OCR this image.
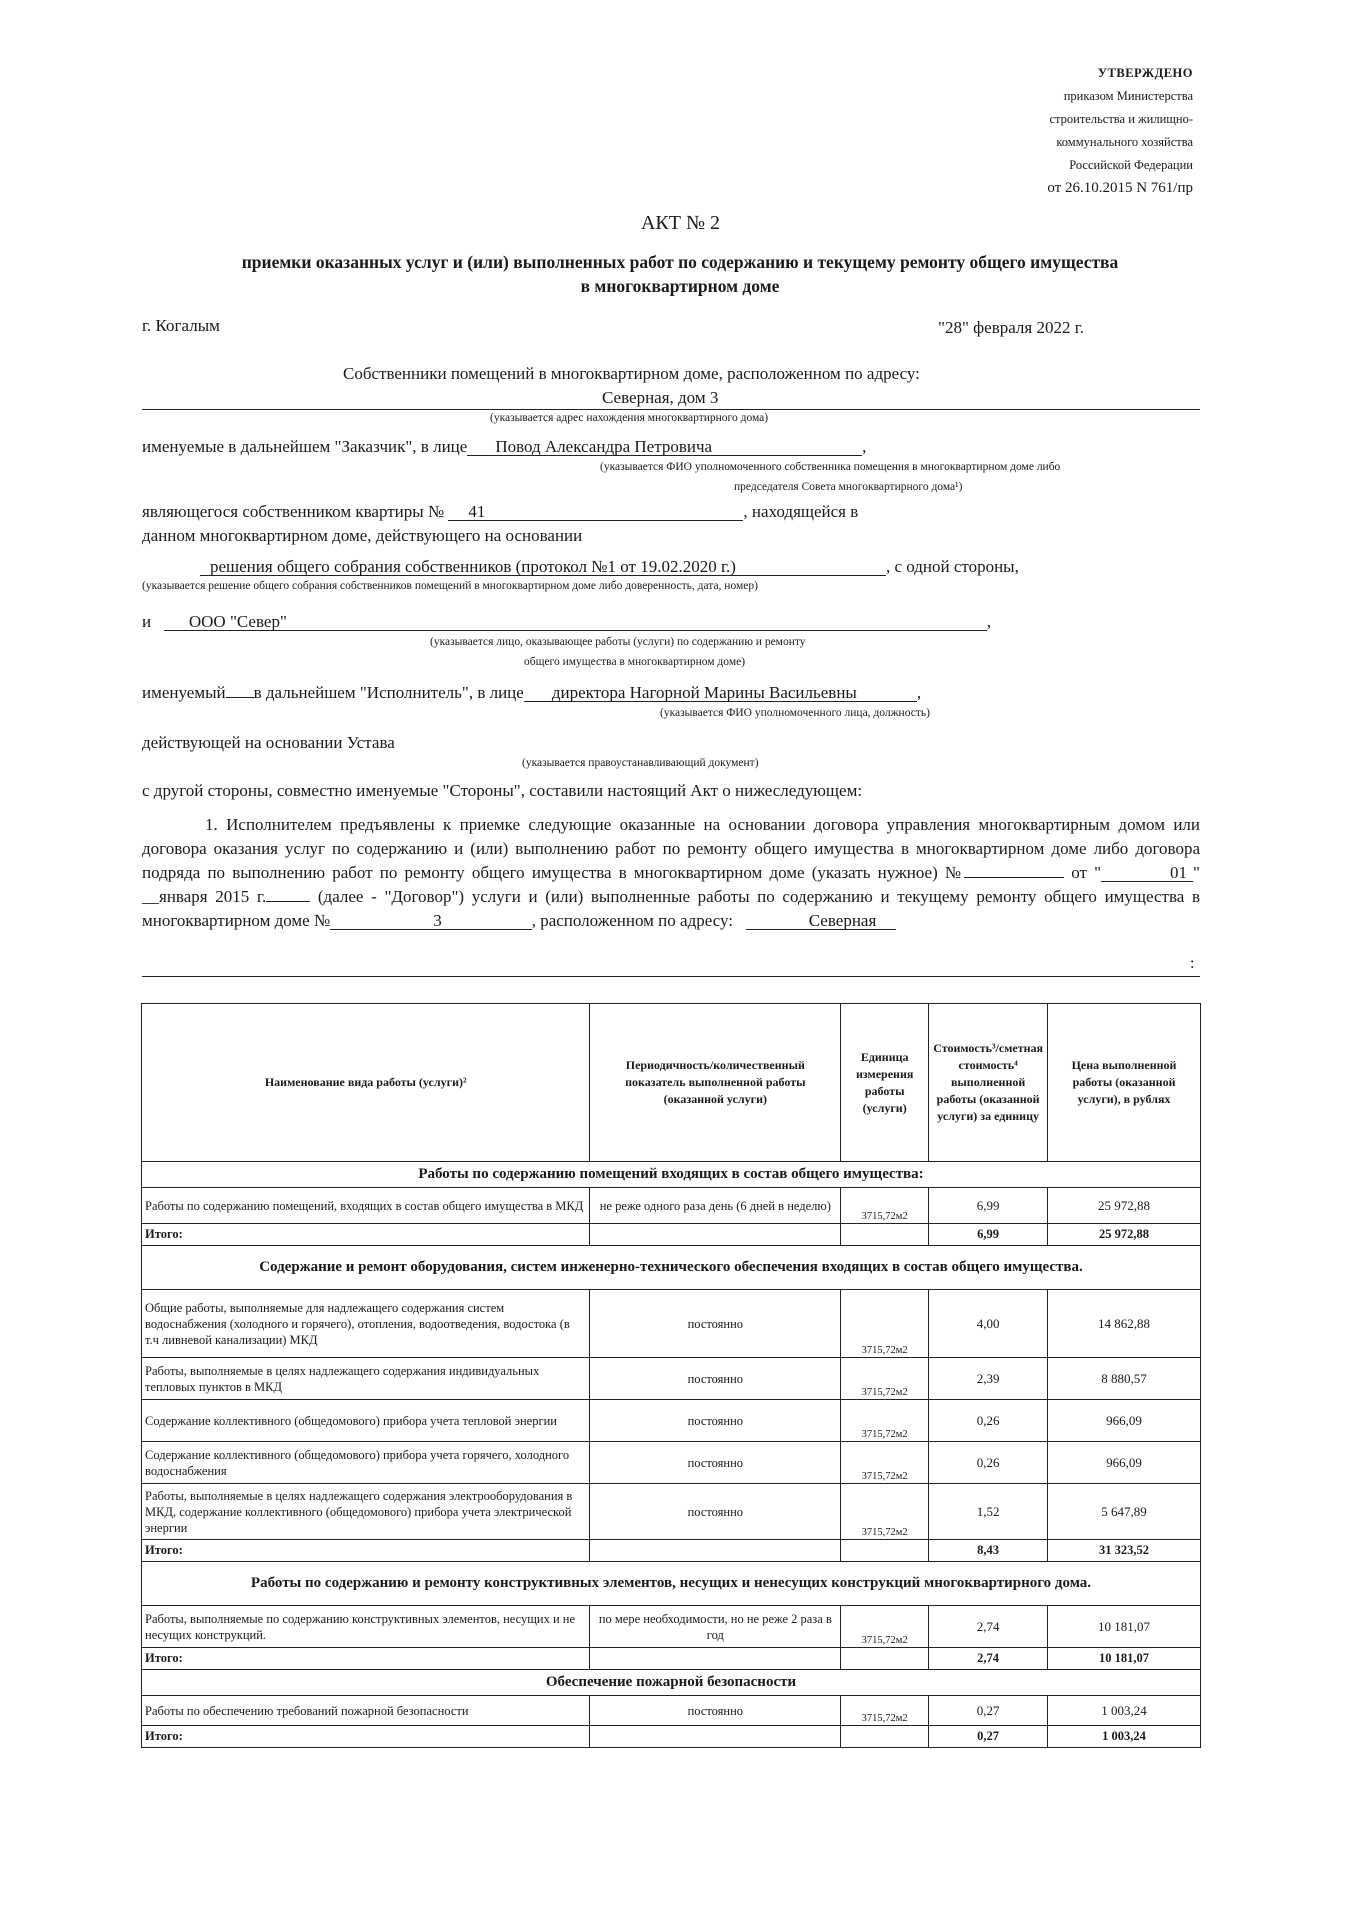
УТВЕРЖДЕНО
приказом Министерства
строительства и жилищно-
коммунального хозяйства
Российской Федерации
от 26.10.2015 N 761/пр
АКТ № 2
приемки оказанных услуг и (или) выполненных работ по содержанию и текущему ремонту общего имущества
в многоквартирном доме
г. Когалым	"28" февраля 2022 г.
Собственники помещений в многоквартирном доме, расположенном по адресу:
Северная, дом 3
(указывается адрес нахождения многоквартирного дома)
именуемые в дальнейшем "Заказчик", в лице Повод Александра Петровича	,
(указывается ФИО уполномоченного собственника помещения в многоквартирном доме либо
председателя Совета многоквартирного дома¹)
являющегося собственником квартиры № 41	, находящейся в
данном многоквартирном доме, действующего на основании
решения общего собрания собственников (протокол №1 от 19.02.2020 г.)	, с одной стороны,
(указывается решение общего собрания собственников помещений в многоквартирном доме либо доверенность, дата, номер)
и ООО "Север"	,
(указывается лицо, оказывающее работы (услуги) по содержанию и ремонту
общего имущества в многоквартирном доме)
именуемый в дальнейшем "Исполнитель", в лице директора Нагорной Марины Васильевны	,
(указывается ФИО уполномоченного лица, должность)
действующей на основании Устава
(указывается правоустанавливающий документ)
с другой стороны, совместно именуемые "Стороны", составили настоящий Акт о нижеследующем:

1. Исполнителем предъявлены к приемке следующие оказанные на основании договора управления многоквартирным домом или договора оказания услуг по содержанию и (или) выполнению работ по ремонту общего имущества в многоквартирном доме либо договора подряда по выполнению работ по ремонту общего имущества в многоквартирном доме (указать нужное) №	от "	01 " __января 2015 г.	(далее - "Договор") услуги и (или) выполненные работы по содержанию и текущему ремонту общего имущества в многоквартирном доме №	3	, расположенном по адресу:	Северная

:
Наименование вида работы (услуги)²	Периодичность/количественный показатель выполненной работы (оказанной услуги)	Единица измерения работы (услуги)	Стоимость³/сметная стоимость⁴ выполненной работы (оказанной услуги) за единицу	Цена выполненной работы (оказанной услуги), в рублях
Работы по содержанию помещений входящих в состав общего имущества:				
Работы по содержанию помещений, входящих в состав общего имущества в МКД	не реже одного раза день (6 дней в неделю)	3715,72м2	6,99	25 972,88
Итого:			6,99	25 972,88
Содержание и ремонт оборудования, систем инженерно-технического обеспечения входящих в состав общего имущества.				
Общие работы, выполняемые для надлежащего содержания систем водоснабжения (холодного и горячего), отопления, водоотведения, водостока (в т.ч ливневой канализации) МКД	постоянно	3715,72м2	4,00	14 862,88
Работы, выполняемые в целях надлежащего содержания индивидуальных тепловых пунктов в МКД	постоянно	3715,72м2	2,39	8 880,57
Содержание коллективного (общедомового) прибора учета тепловой энергии	постоянно	3715,72м2	0,26	966,09
Содержание коллективного (общедомового) прибора учета горячего, холодного водоснабжения	постоянно	3715,72м2	0,26	966,09
Работы, выполняемые в целях надлежащего содержания электрооборудования в МКД, содержание коллективного (общедомового) прибора учета электрической энергии	постоянно	3715,72м2	1,52	5 647,89
Итого:			8,43	31 323,52
Работы по содержанию и ремонту конструктивных элементов, несущих и ненесущих конструкций многоквартирного дома.				
Работы, выполняемые по содержанию конструктивных элементов, несущих и не несущих конструкций.	по мере необходимости, но не реже 2 раза в год	3715,72м2	2,74	10 181,07
Итого:			2,74	10 181,07
Обеспечение пожарной безопасности				
Работы по обеспечению требований пожарной безопасности	постоянно	3715,72м2	0,27	1 003,24
Итого:			0,27	1 003,24
